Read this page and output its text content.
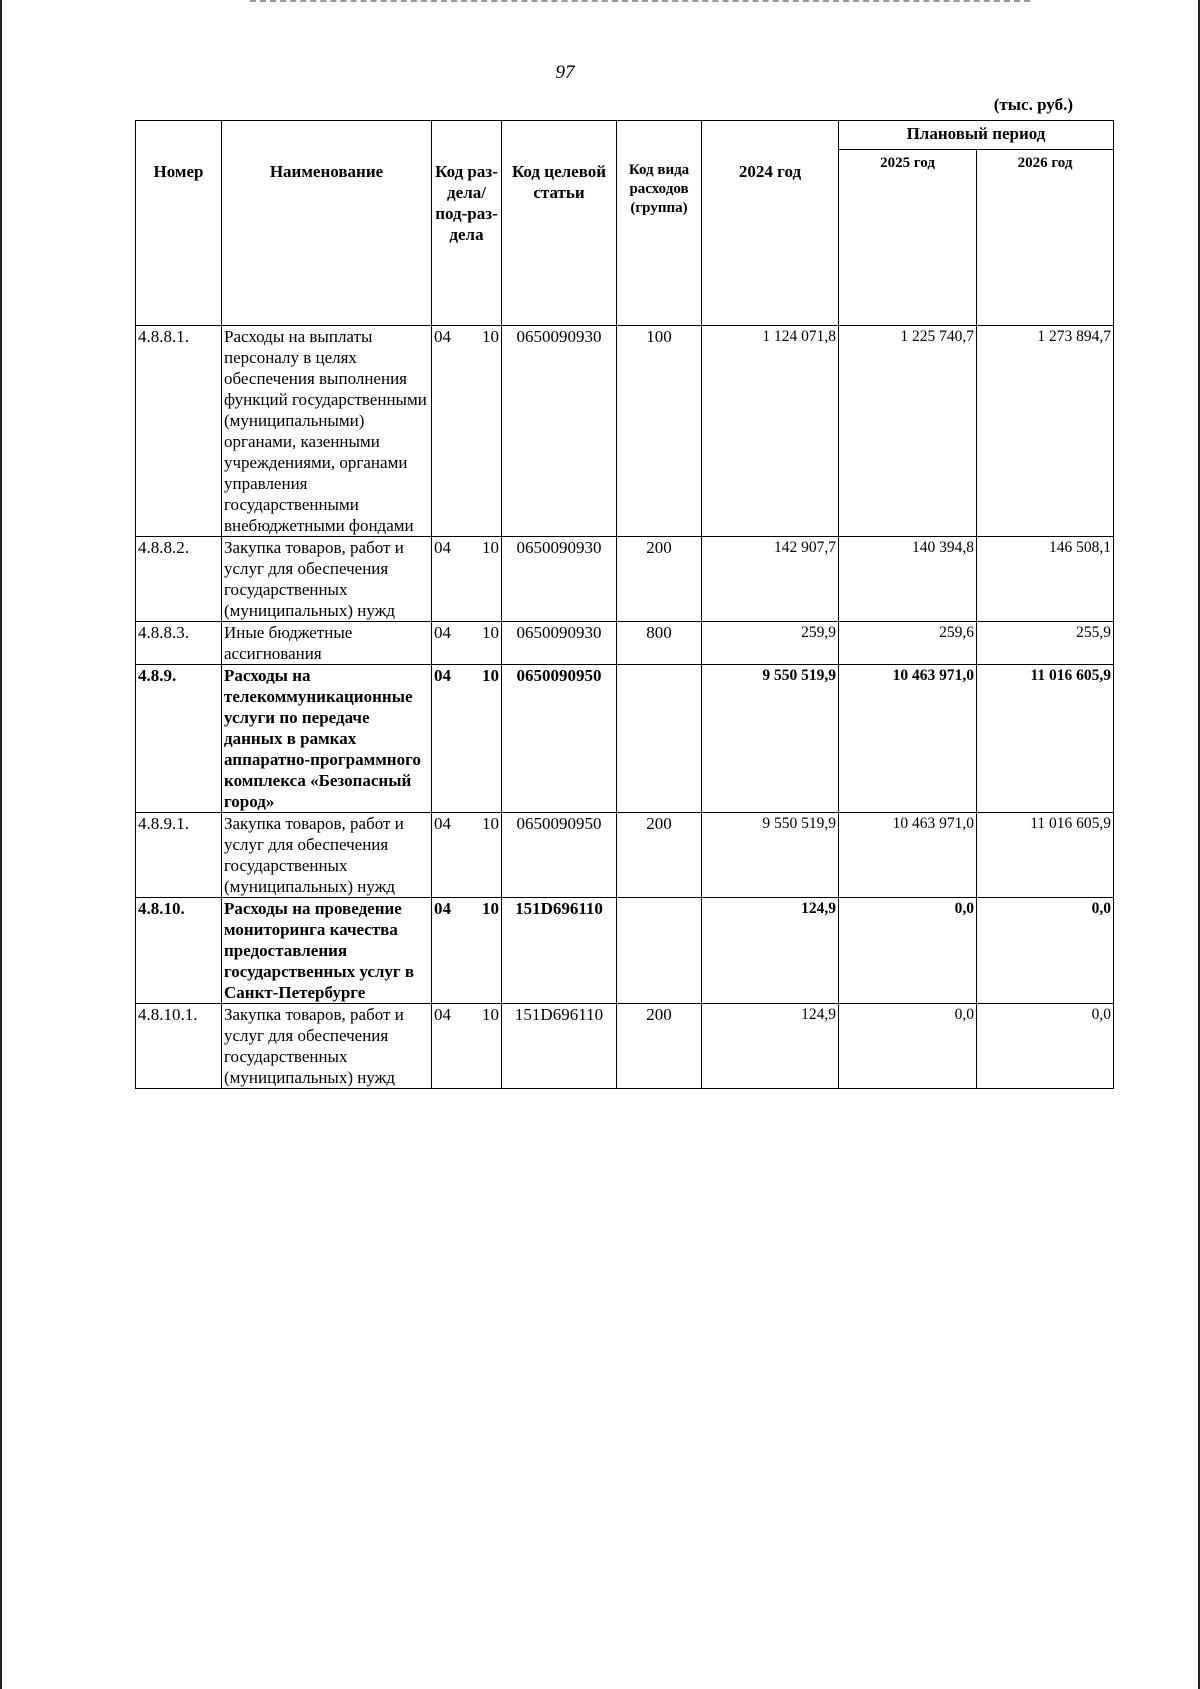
97
(тыс. руб.)
Номер	Наименование	Код раз-дела/ под-раз-дела	Код целевой статьи	Код вида расходов (группа)	2024 год	Плановый период	
						2025 год	2026 год
4.8.8.1.	Расходы на выплаты персоналу в целях обеспечения выполнения функций государственными (муниципальными) органами, казенными учреждениями, органами управления государственными внебюджетными фондами	04 10	0650090930	100	1 124 071,8	1 225 740,7	1 273 894,7
4.8.8.2.	Закупка товаров, работ и услуг для обеспечения государственных (муниципальных) нужд	04 10	0650090930	200	142 907,7	140 394,8	146 508,1
4.8.8.3.	Иные бюджетные ассигнования	04 10	0650090930	800	259,9	259,6	255,9
4.8.9.	Расходы на телекоммуникационные услуги по передаче данных в рамках аппаратно-программного комплекса «Безопасный город»	04 10	0650090950		9 550 519,9	10 463 971,0	11 016 605,9
4.8.9.1.	Закупка товаров, работ и услуг для обеспечения государственных (муниципальных) нужд	04 10	0650090950	200	9 550 519,9	10 463 971,0	11 016 605,9
4.8.10.	Расходы на проведение мониторинга качества предоставления государственных услуг в Санкт-Петербурге	04 10	151D696110		124,9	0,0	0,0
4.8.10.1.	Закупка товаров, работ и услуг для обеспечения государственных (муниципальных) нужд	04 10	151D696110	200	124,9	0,0	0,0
